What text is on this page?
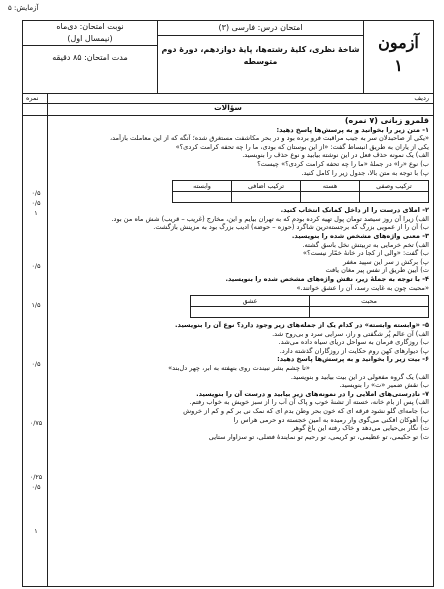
آزمایش: ۵
آزمون
۱
امتحان درس: فارسی (۳)
شاخهٔ نظری، کلیهٔ رشته‌ها، پایهٔ دوازدهم، دورهٔ دوم متوسطه
نوبت امتحان: دی‌ماه
(نیمسال اول)
مدت امتحان: ۸۵ دقیقه
ردیف
نمره
سؤالات
۰/۵
۰/۵
۱
۰/۵
۱/۵
۰/۵
۰/۷۵
۰/۲۵
۰/۵
۱

قلمرو زبانی (۷ نمره)

۱- متن زیر را بخوانید و به پرسش‌ها پاسخ دهید:

«یکی از صاحبدلان سر به جیب مراقبت فرو برده بود و در بحر مکاشفت مستغرق شده؛ آنگه که از این معاملت بازآمد،

یکی از یاران به طریق انبساط گفت: «از این بوستان که بودی، ما را چه تحفه کرامت کردی؟»

الف) یک نمونه حذف فعل در این نوشته بیابید و نوع حذف را بنویسید.

ب) نوع «را» در جملهٔ «ما را چه تحفه کرامت کردی؟» چیست؟

پ) با توجه به متن بالا، جدول زیر را کامل کنید.

ترکیب وصفی	هسته	ترکیب اضافی	وابسته

۲- املای درست را از داخل کمانک انتخاب کنید.

الف) زیرا آن روز سیصد تومان پول تهیه کرده بودم که به تهران بیایم و این، مخارج (غریب – قریب) شش ماه من بود.

ب) آن را از عمویی بزرگ که برجسته‌ترین شاگرد (حوزه – حوضه) ادیب بزرگ بود به مزینش بازگشت.

۳- معنی واژه‌های مشخص شده را بنویسید.

الف) تخم خرمایی به تربیتش نخل باسق گشته.

ب) گفت: «والی از کجا در خانهٔ خمّار نیست؟»

پ) برکش ز سر این سپید مغفر

ت) آیین طریق از نفس پیر مغان یافت

۴- با توجه به جملهٔ زیر، نقش واژه‌های مشخص شده را بنویسید.

«محبت چون به غایت رسد، آن را عشق خوانند.»

محبت	عشق

۵- «وابسته وابسته» در کدام یک از جمله‌های زیر وجود دارد؟ نوع آن را بنویسید.

الف) آن عالم پُر شگفتی و راز، سرایی سرد و بی‌روح شد.

ب) روزگاری فرمان به سواحل دریای سیاه داده می‌شد.

پ) دیوارهای کهن روم حکایت از روزگاران گذشته دارد.

۶- بیت زیر را بخوانید و به پرسش‌ها پاسخ دهید:

«تا چشم بشر نبیندت روی بنهفته به ابر، چهر دل‌بند»

الف) یک گروه مفعولی در این بیت بیابید و بنویسید.

ب) نقش ضمیر «ت» را بنویسید.

۷- نادرستی‌های املایی را در نمونه‌های زیر بیابید و درست آن را بنویسید.

الف) پس از بام خانه، خسته از تشنهٔ خوب و پاک آن آب را از سبز خویش به خواب رفتم.

ب) جامه‌ای گلو نشود فرقه ای که خون بحر وطن بدم ای که نمک نی بر کم و کم از خروش

پ) آهوکان افکنی می‌گوی وار رمیده به امین خجسته دو حرمی هراس را

ت) نگار بی‌حیایی می‌دهد و خاک رفته این باغ گوهر

ت) تو حکیمی، تو عظیمی، تو کریمی، تو رحیم تو نمایندهٔ فضلی، تو سزاوار ستایی
